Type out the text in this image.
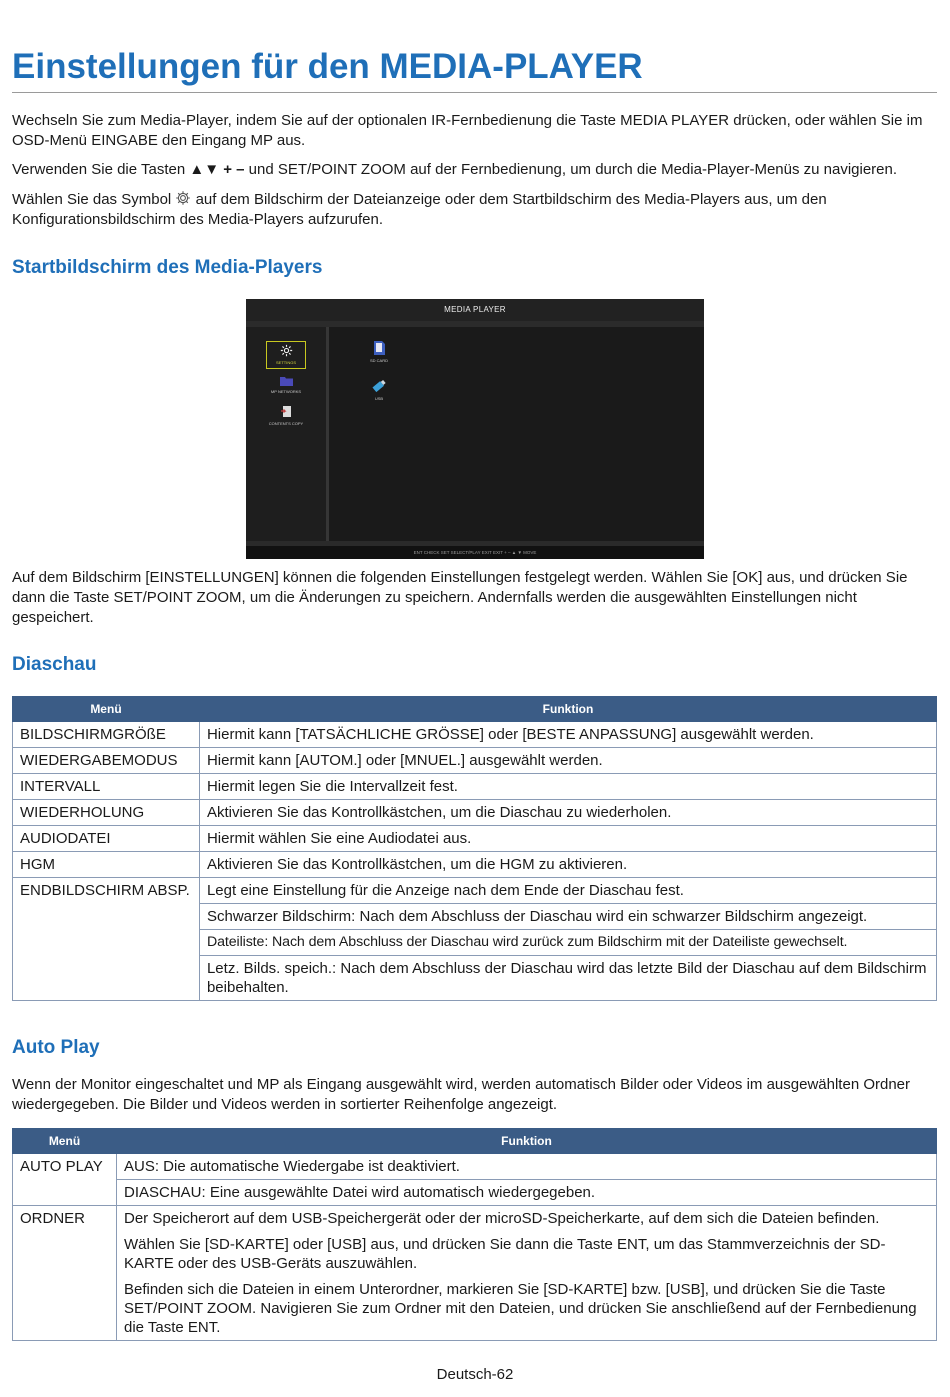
Einstellungen für den MEDIA-PLAYER

Wechseln Sie zum Media-Player, indem Sie auf der optionalen IR-Fernbedienung die Taste MEDIA PLAYER drücken, oder wählen Sie im OSD-Menü EINGABE den Eingang MP aus.

Verwenden Sie die Tasten ▲▼ + – und SET/POINT ZOOM auf der Fernbedienung, um durch die Media-Player-Menüs zu navigieren.

Wählen Sie das Symbol  auf dem Bildschirm der Dateianzeige oder dem Startbildschirm des Media-Players aus, um den Konfigurationsbildschirm des Media-Players aufzurufen.

Startbildschirm des Media-Players
MEDIA PLAYER
SETTINGS
MP NETWORKS
CONTENTS COPY
SD CARD
USB
ENT CHECK SET SELECT/PLAY EXIT EXIT + – ▲ ▼ MOVE

Auf dem Bildschirm [EINSTELLUNGEN] können die folgenden Einstellungen festgelegt werden. Wählen Sie [OK] aus, und drücken Sie dann die Taste SET/POINT ZOOM, um die Änderungen zu speichern. Andernfalls werden die ausgewählten Einstellungen nicht gespeichert.

Diaschau
Menü	Funktion
BILDSCHIRMGRÖßE	Hiermit kann [TATSÄCHLICHE GRÖSSE] oder [BESTE ANPASSUNG] ausgewählt werden.
WIEDERGABEMODUS	Hiermit kann [AUTOM.] oder [MNUEL.] ausgewählt werden.
INTERVALL	Hiermit legen Sie die Intervallzeit fest.
WIEDERHOLUNG	Aktivieren Sie das Kontrollkästchen, um die Diaschau zu wiederholen.
AUDIODATEI	Hiermit wählen Sie eine Audiodatei aus.
HGM	Aktivieren Sie das Kontrollkästchen, um die HGM zu aktivieren.
ENDBILDSCHIRM ABSP.	Legt eine Einstellung für die Anzeige nach dem Ende der Diaschau fest.
	Schwarzer Bildschirm: Nach dem Abschluss der Diaschau wird ein schwarzer Bildschirm angezeigt.
	Dateiliste: Nach dem Abschluss der Diaschau wird zurück zum Bildschirm mit der Dateiliste gewechselt.
	Letz. Bilds. speich.: Nach dem Abschluss der Diaschau wird das letzte Bild der Diaschau auf dem Bildschirm beibehalten.
Auto Play

Wenn der Monitor eingeschaltet und MP als Eingang ausgewählt wird, werden automatisch Bilder oder Videos im ausgewählten Ordner wiedergegeben. Die Bilder und Videos werden in sortierter Reihenfolge angezeigt.

Menü	Funktion
AUTO PLAY	AUS: Die automatische Wiedergabe ist deaktiviert.
	DIASCHAU: Eine ausgewählte Datei wird automatisch wiedergegeben.
ORDNER	Der Speicherort auf dem USB-Speichergerät oder der microSD-Speicherkarte, auf dem sich die Dateien befinden.
Wählen Sie [SD-KARTE] oder [USB] aus, und drücken Sie dann die Taste ENT, um das Stammverzeichnis der SD-KARTE oder des USB-Geräts auszuwählen.
Befinden sich die Dateien in einem Unterordner, markieren Sie [SD-KARTE] bzw. [USB], und drücken Sie die Taste SET/POINT ZOOM. Navigieren Sie zum Ordner mit den Dateien, und drücken Sie anschließend auf der Fernbedienung die Taste ENT.
Deutsch-62
